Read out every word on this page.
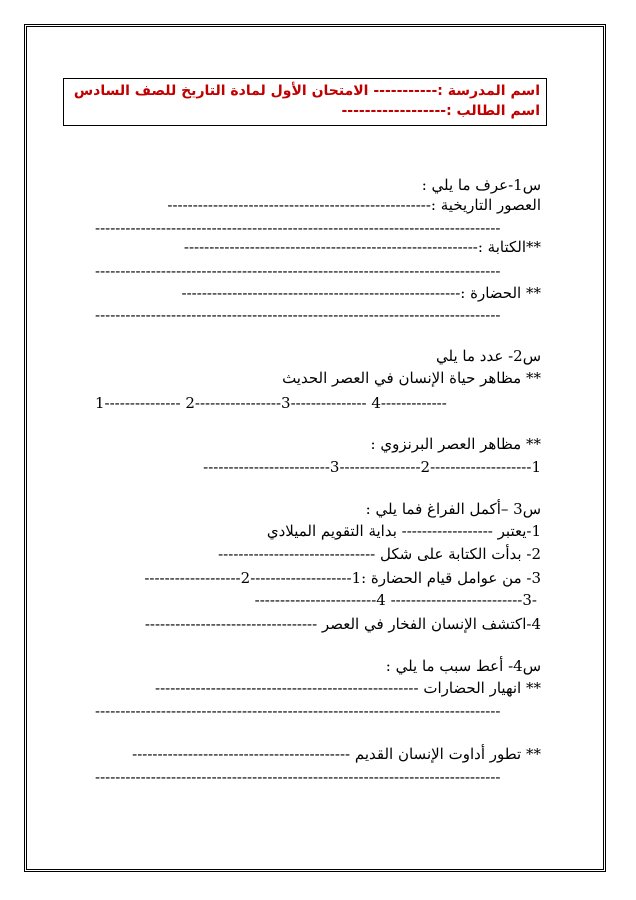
اسم المدرسة :----------- الامتحان الأول لمادة التاريخ للصف السادس
اسم الطالب :------------------
س1-عرف ما يلي :
العصور التاريخية :----------------------------------------------------
--------------------------------------------------------------------------------
**الكتابة :----------------------------------------------------------
--------------------------------------------------------------------------------
** الحضارة :-------------------------------------------------------
--------------------------------------------------------------------------------
س2- عدد ما يلي
** مظاهر حياة الإنسان في العصر الحديث
1--------------- 2-----------------3--------------- 4-------------
** مظاهر العصر البرنزوي :
1--------------------2----------------3-------------------------
س3 –أكمل الفراغ فما يلي :
1-يعتبر ------------------ بداية التقويم الميلادي
2- بدأت الكتابة على شكل -------------------------------
3- من عوامل قيام الحضارة :1--------------------2-------------------
-3-------------------------- 4------------------------
4-اكتشف الإنسان الفخار في العصر ----------------------------------
س4- أعط سبب ما يلي :
** انهيار الحضارات ----------------------------------------------------
--------------------------------------------------------------------------------
** تطور أداوت الإنسان القديم -------------------------------------------
--------------------------------------------------------------------------------
